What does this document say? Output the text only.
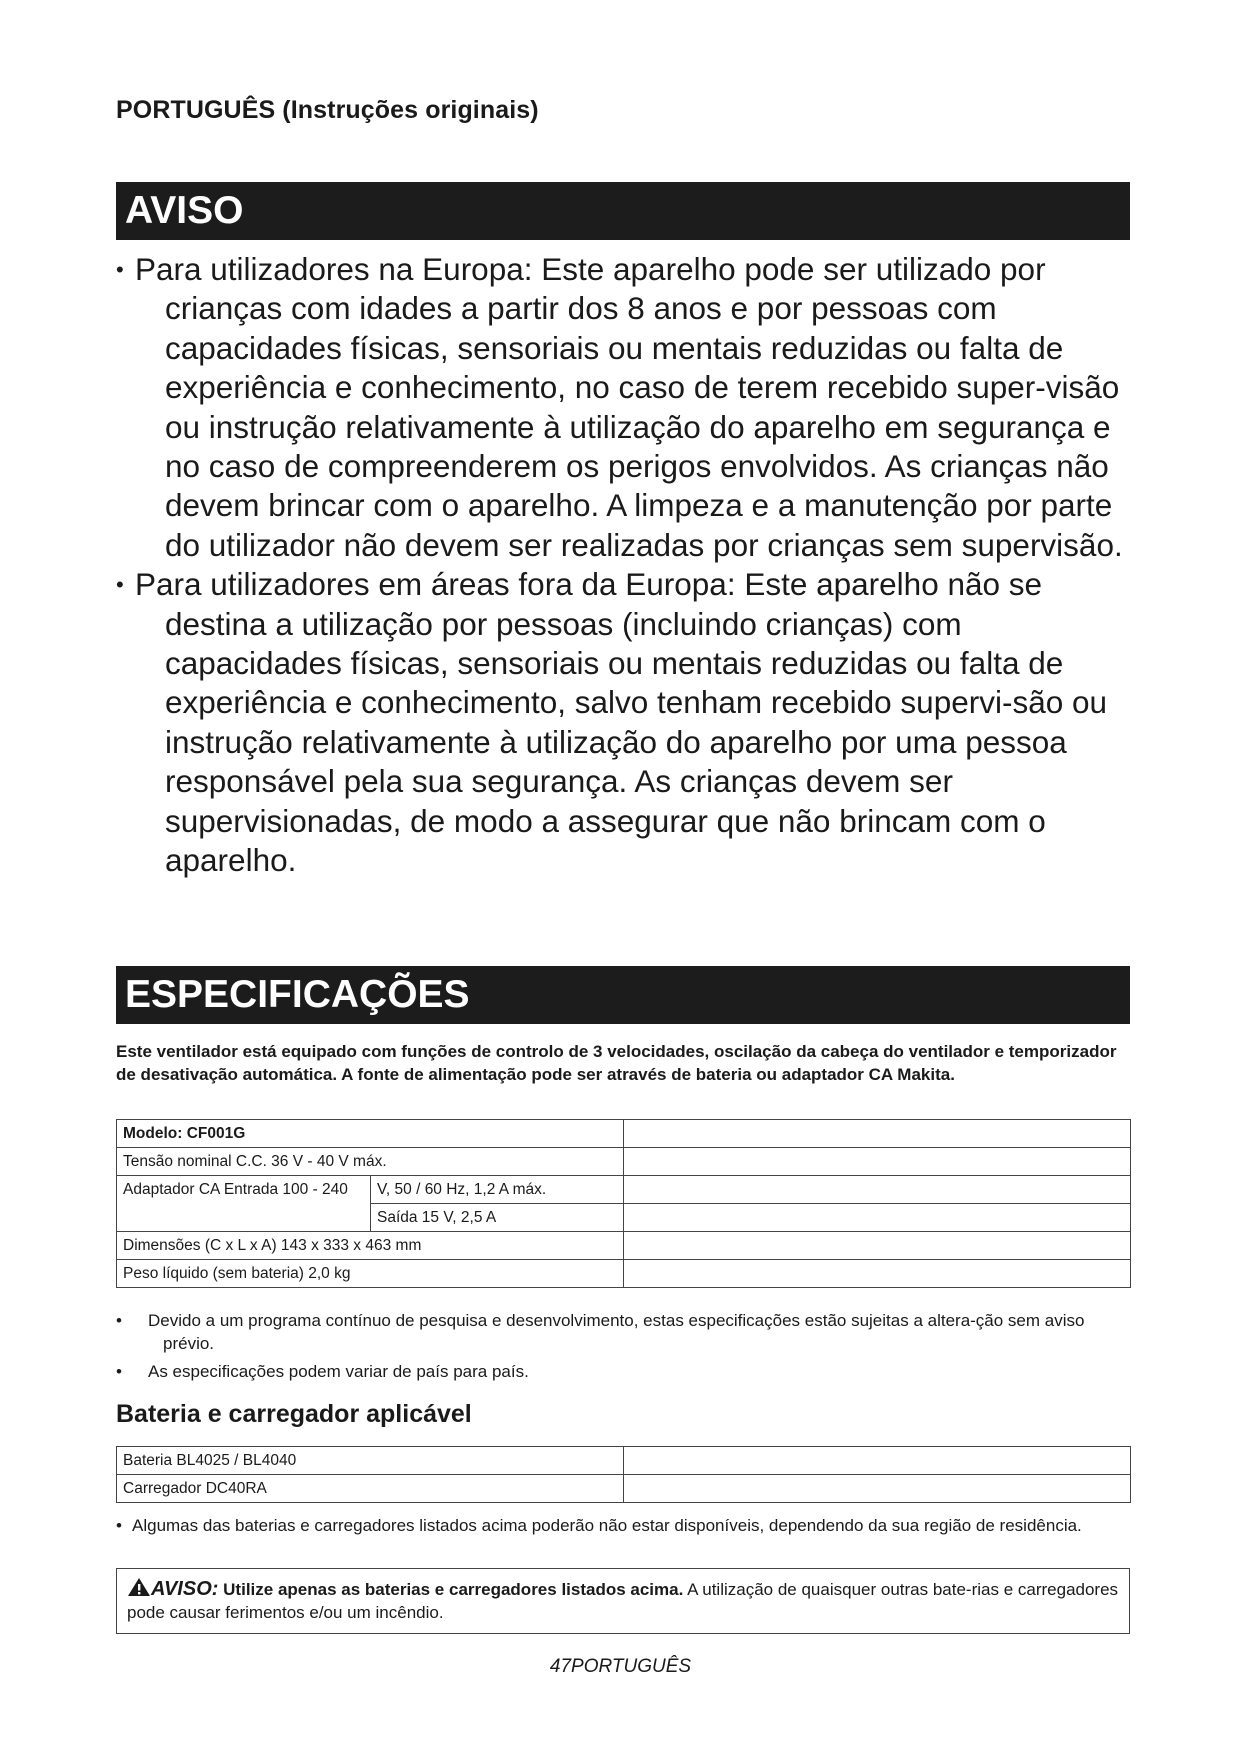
PORTUGUÊS (Instruções originais)
AVISO
• Para utilizadores na Europa: Este aparelho pode ser utilizado por crianças com idades a partir dos 8 anos e por pessoas com capacidades físicas, sensoriais ou mentais reduzidas ou falta de experiência e conhecimento, no caso de terem recebido super-visão ou instrução relativamente à utilização do aparelho em segurança e no caso de compreenderem os perigos envolvidos. As crianças não devem brincar com o aparelho. A limpeza e a manutenção por parte do utilizador não devem ser realizadas por crianças sem supervisão.
• Para utilizadores em áreas fora da Europa: Este aparelho não se destina a utilização por pessoas (incluindo crianças) com capacidades físicas, sensoriais ou mentais reduzidas ou falta de experiência e conhecimento, salvo tenham recebido supervi-são ou instrução relativamente à utilização do aparelho por uma pessoa responsável pela sua segurança. As crianças devem ser supervisionadas, de modo a assegurar que não brincam com o aparelho.
ESPECIFICAÇÕES
Este ventilador está equipado com funções de controlo de 3 velocidades, oscilação da cabeça do ventilador e temporizador de desativação automática. A fonte de alimentação pode ser através de bateria ou adaptador CA Makita.
Modelo: CF001G		
Tensão nominal C.C. 36 V - 40 V máx.		
Adaptador CA Entrada 100 - 240	V, 50 / 60 Hz, 1,2 A máx.	
	Saída 15 V, 2,5 A	
Dimensões (C x L x A) 143 x 333 x 463 mm		
Peso líquido (sem bateria) 2,0 kg		
•	Devido a um programa contínuo de pesquisa e desenvolvimento, estas especificações estão sujeitas a altera-ção sem aviso prévio.
•	As especificações podem variar de país para país.
Bateria e carregador aplicável
Bateria BL4025 / BL4040	
Carregador DC40RA	
• Algumas das baterias e carregadores listados acima poderão não estar disponíveis, dependendo da sua região de residência.
AVISO: Utilize apenas as baterias e carregadores listados acima. A utilização de quaisquer outras bate-rias e carregadores pode causar ferimentos e/ou um incêndio.
47PORTUGUÊS
